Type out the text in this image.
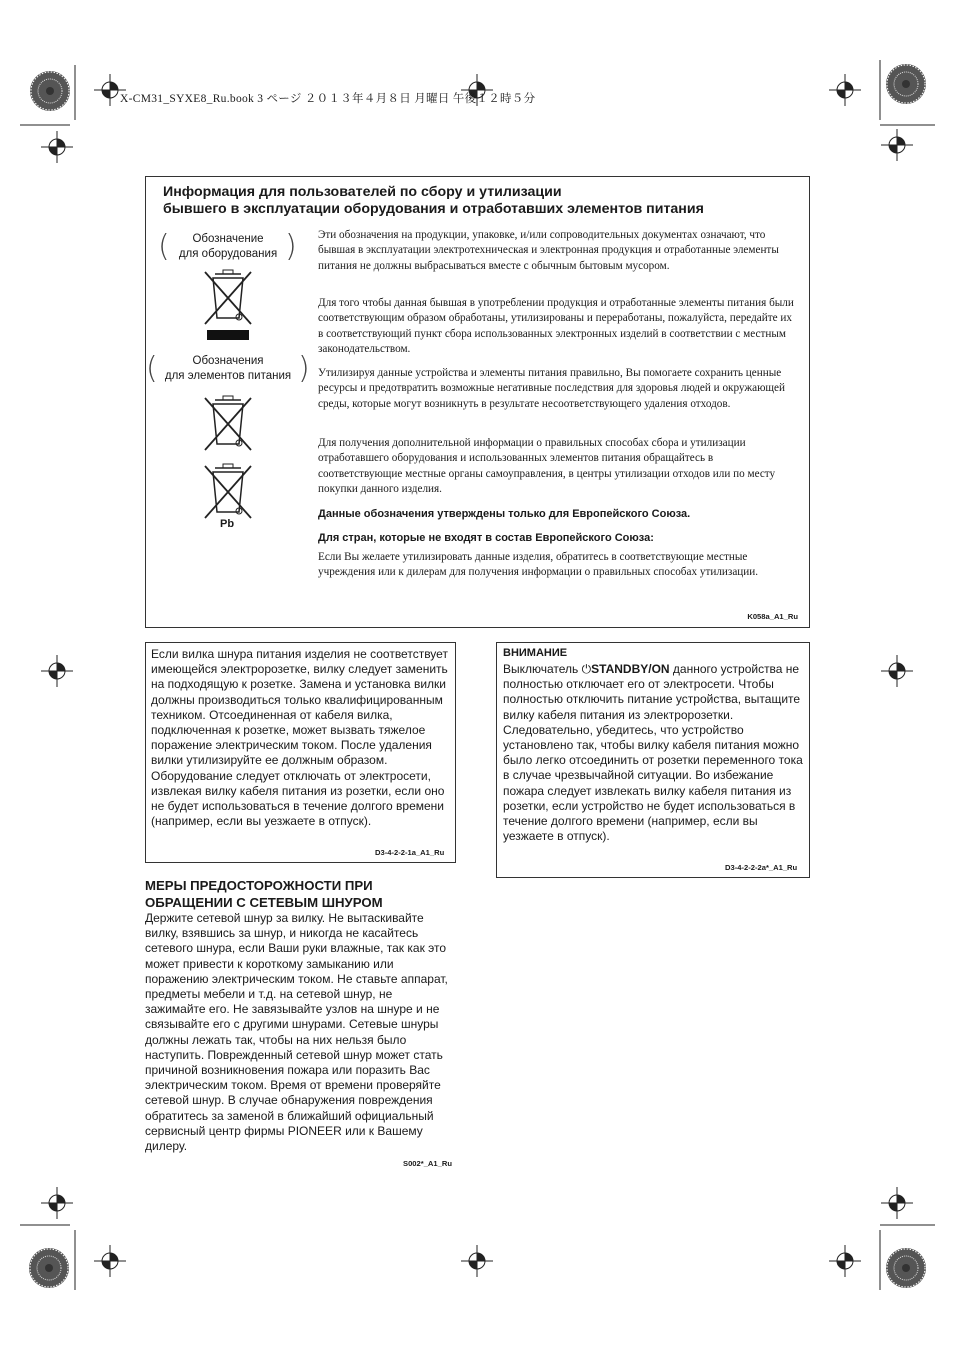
X-CM31_SYXE8_Ru.book 3 ページ ２０１３年４月８日 月曜日 午後１２時５分
Информация для пользователей по сбору и утилизации
бывшего в эксплуатации оборудования и отработавших элементов питания
(	Обозначение
для оборудования )
(	Обозначения
для элементов питания )
Pb
Эти обозначения на продукции, упаковке, и/или сопроводительных документах означают, что бывшая в эксплуатации электротехническая и электронная продукция и отработанные элементы питания не должны выбрасываться вместе с обычным бытовым мусором.
Для того чтобы данная бывшая в употреблении продукция и отработанные элементы питания были соответствующим образом обработаны, утилизированы и переработаны, пожалуйста, передайте их в соответствующий пункт сбора использованных электронных изделий в соответствии с местным законодательством.
Утилизируя данные устройства и элементы питания правильно, Вы помогаете сохранить ценные ресурсы и предотвратить возможные негативные последствия для здоровья людей и окружающей среды, которые могут возникнуть в результате несоответствующего удаления отходов.
Для получения дополнительной информации о правильных способах сбора и утилизации отработавшего оборудования и использованных элементов питания обращайтесь в соответствующие местные органы самоуправления, в центры утилизации отходов или по месту покупки данного изделия.
Данные обозначения утверждены только для Европейского Союза.
Для стран, которые не входят в состав Европейского Союза:
Если Вы желаете утилизировать данные изделия, обратитесь в соответствующие местные учреждения или к дилерам для получения информации о правильных способах утилизации.
K058a_A1_Ru
Если вилка шнура питания изделия не соответствует имеющейся электророзетке, вилку следует заменить на подходящую к розетке. Замена и установка вилки должны производиться только квалифицированным техником. Отсоединенная от кабеля вилка, подключенная к розетке, может вызвать тяжелое поражение электрическим током. После удаления вилки утилизируйте ее должным образом. Оборудование следует отключать от электросети, извлекая вилку кабеля питания из розетки, если оно не будет использоваться в течение долгого времени (например, если вы уезжаете в отпуск).
D3-4-2-2-1a_A1_Ru
МЕРЫ ПРЕДОСТОРОЖНОСТИ ПРИ
ОБРАЩЕНИИ С СЕТЕВЫМ ШНУРОМ
Держите сетевой шнур за вилку. Не вытаскивайте вилку, взявшись за шнур, и никогда не касайтесь сетевого шнура, если Ваши руки влажные, так как это может привести к короткому замыканию или поражению электрическим током. Не ставьте аппарат, предметы мебели и т.д. на сетевой шнур, не зажимайте его. Не завязывайте узлов на шнуре и не связывайте его с другими шнурами. Сетевые шнуры должны лежать так, чтобы на них нельзя было наступить. Поврежденный сетевой шнур может стать причиной возникновения пожара или поразить Вас электрическим током. Время от времени проверяйте сетевой шнур. В случае обнаружения повреждения обратитесь за заменой в ближайший официальный сервисный центр фирмы PIONEER или к Вашему дилеру.
S002*_A1_Ru
ВНИМАНИЕ
Выключатель ⏻STANDBY/ON данного устройства не полностью отключает его от электросети. Чтобы полностью отключить питание устройства, вытащите вилку кабеля питания из электророзетки. Следовательно, убедитесь, что устройство установлено так, чтобы вилку кабеля питания можно было легко отсоединить от розетки переменного тока в случае чрезвычайной ситуации. Во избежание пожара следует извлекать вилку кабеля питания из розетки, если устройство не будет использоваться в течение долгого времени (например, если вы уезжаете в отпуск).
D3-4-2-2-2a*_A1_Ru
